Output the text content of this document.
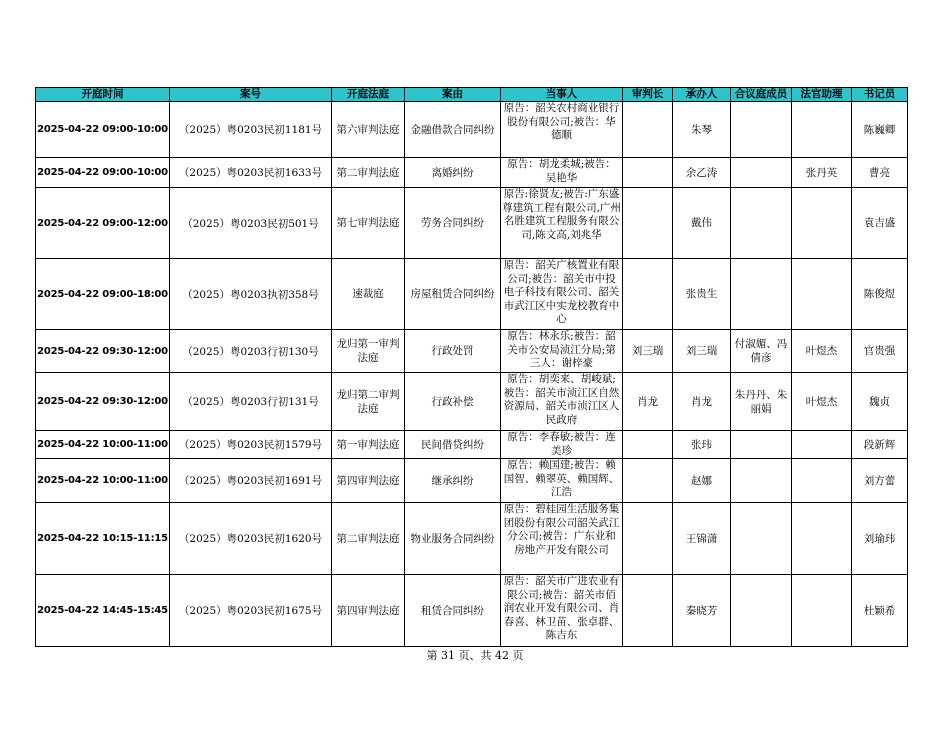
开庭时间	案号	开庭法庭	案由	当事人	审判长	承办人	合议庭成员	法官助理	书记员
2025-04-22 09:00-10:00	（2025）粤0203民初1181号	第六审判法庭	金融借款合同纠纷	原告：韶关农村商业银行股份有限公司;被告：华德顺		朱琴			陈巍卿
2025-04-22 09:00-10:00	（2025）粤0203民初1633号	第二审判法庭	离婚纠纷	原告：胡龙柔城;被告：吴艳华		余乙涛		张丹英	曹亮
2025-04-22 09:00-12:00	（2025）粤0203民初501号	第七审判法庭	劳务合同纠纷	原告:徐贤友;被告:广东盛尊建筑工程有限公司,广州名胜建筑工程服务有限公司,陈文高,刘兆华		戴伟			袁吉盛
2025-04-22 09:00-18:00	（2025）粤0203执初358号	速裁庭	房屋租赁合同纠纷	原告：韶关广核置业有限公司;被告：韶关市中投电子科技有限公司、韶关市武江区中实龙校教育中心		张贵生			陈俊煜
2025-04-22 09:30-12:00	（2025）粤0203行初130号	龙归第一审判法庭	行政处罚	原告：林永乐;被告：韶关市公安局浈江分局;第三人：谢梓豪	刘三瑞	刘三瑞	付淑媚、冯倩彦	叶煜杰	官贵强
2025-04-22 09:30-12:00	（2025）粤0203行初131号	龙归第二审判法庭	行政补偿	原告：胡奕来、胡峻斌;被告：韶关市浈江区自然资源局、韶关市浈江区人民政府	肖龙	肖龙	朱丹丹、朱丽娟	叶煜杰	魏贞
2025-04-22 10:00-11:00	（2025）粤0203民初1579号	第一审判法庭	民间借贷纠纷	原告：李春敏;被告：连美珍		张玮			段新辉
2025-04-22 10:00-11:00	（2025）粤0203民初1691号	第四审判法庭	继承纠纷	原告：赖国建;被告：赖国智、赖翠英、赖国辉、江浩		赵娜			刘方蕾
2025-04-22 10:15-11:15	（2025）粤0203民初1620号	第二审判法庭	物业服务合同纠纷	原告：碧桂园生活服务集团股份有限公司韶关武江分公司;被告：广东业和房地产开发有限公司		王锦潇			刘瑜玮
2025-04-22 14:45-15:45	（2025）粤0203民初1675号	第四审判法庭	租赁合同纠纷	原告：韶关市广进农业有限公司;被告：韶关市佰润农业开发有限公司、肖春喜、林卫苗、张卓群、陈吉东		秦晓芳			杜颖希
第 31 页、共 42 页
